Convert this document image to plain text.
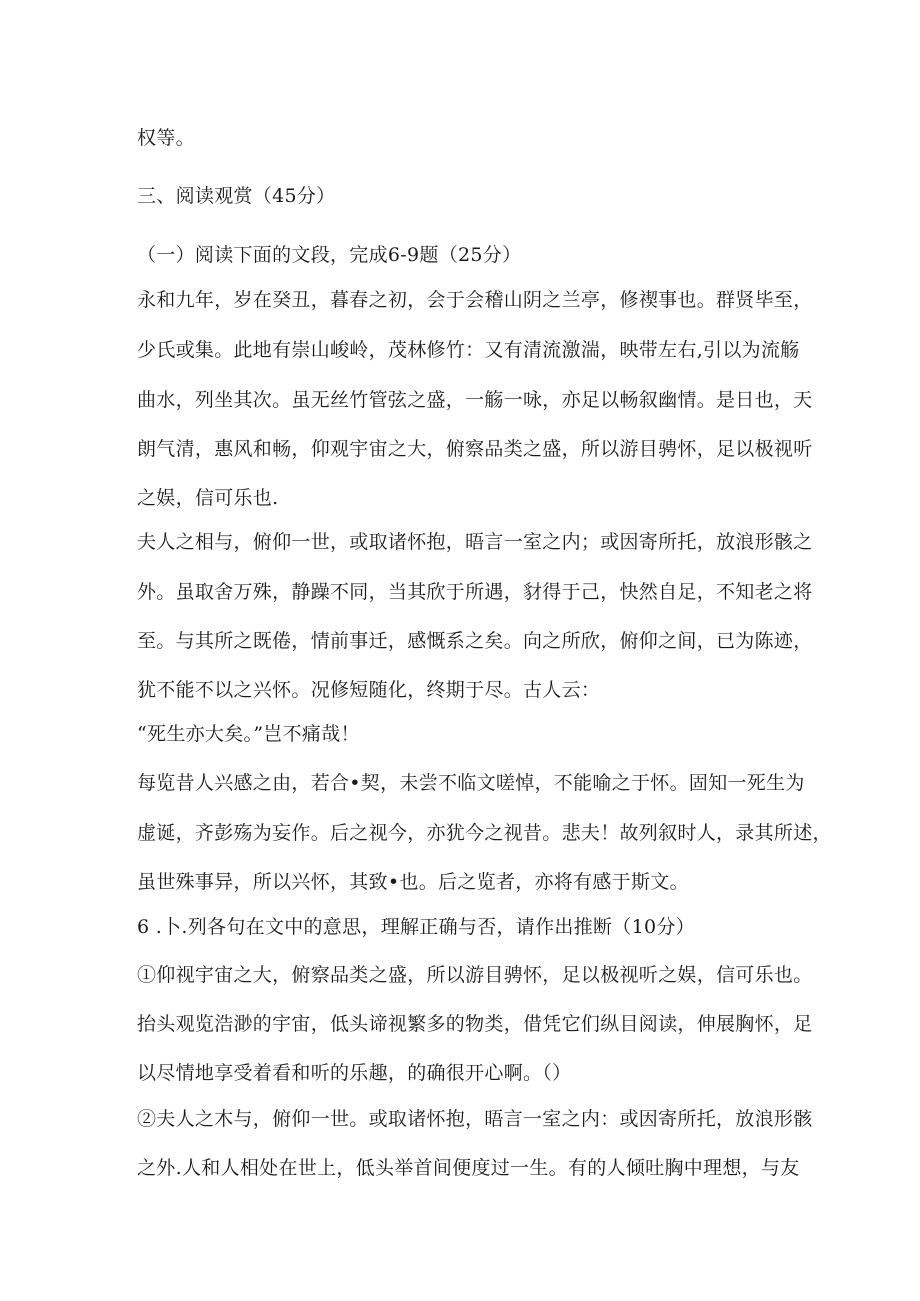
权等。
三、阅读观赏（45分）
（一）阅读下面的文段，完成6-9题（25分）
永和九年，岁在癸丑，暮春之初，会于会稽山阴之兰亭，修禊事也。群贤毕至，
少氏或集。此地有崇山峻岭，茂林修竹：又有清流激湍，映带左右,引以为流觞
曲水，列坐其次。虽无丝竹管弦之盛，一觞一咏，亦足以畅叙幽情。是日也，天
朗气清，惠风和畅，仰观宇宙之大，俯察品类之盛，所以游目骋怀，足以极视听
之娱，信可乐也.
夫人之相与，俯仰一世，或取诸怀抱，晤言一室之内；或因寄所托，放浪形骸之
外。虽取舍万殊，静躁不同，当其欣于所遇，豺得于己，快然自足，不知老之将
至。与其所之既倦，情前事迁，感慨系之矣。向之所欣，俯仰之间，已为陈迹，
犹不能不以之兴怀。况修短随化，终期于尽。古人云：
“死生亦大矣。”岂不痛哉！
每览昔人兴感之由，若合•契，未尝不临文嗟悼，不能喻之于怀。固知一死生为
虚诞，齐彭殇为妄作。后之视今，亦犹今之视昔。悲夫！故列叙时人，录其所述，
虽世殊事异，所以兴怀，其致•也。后之览者，亦将有感于斯文。
6 .卜.列各句在文中的意思，理解正确与否，请作出推断（10分）
①仰视宇宙之大，俯察品类之盛，所以游目骋怀，足以极视听之娱，信可乐也。
抬头观览浩渺的宇宙，低头谛视繁多的物类，借凭它们纵目阅读，伸展胸怀，足
以尽情地享受着看和听的乐趣，的确很开心啊。（）
②夫人之木与，俯仰一世。或取诸怀抱，晤言一室之内：或因寄所托，放浪形骸
之外.人和人相处在世上，低头举首间便度过一生。有的人倾吐胸中理想，与友
